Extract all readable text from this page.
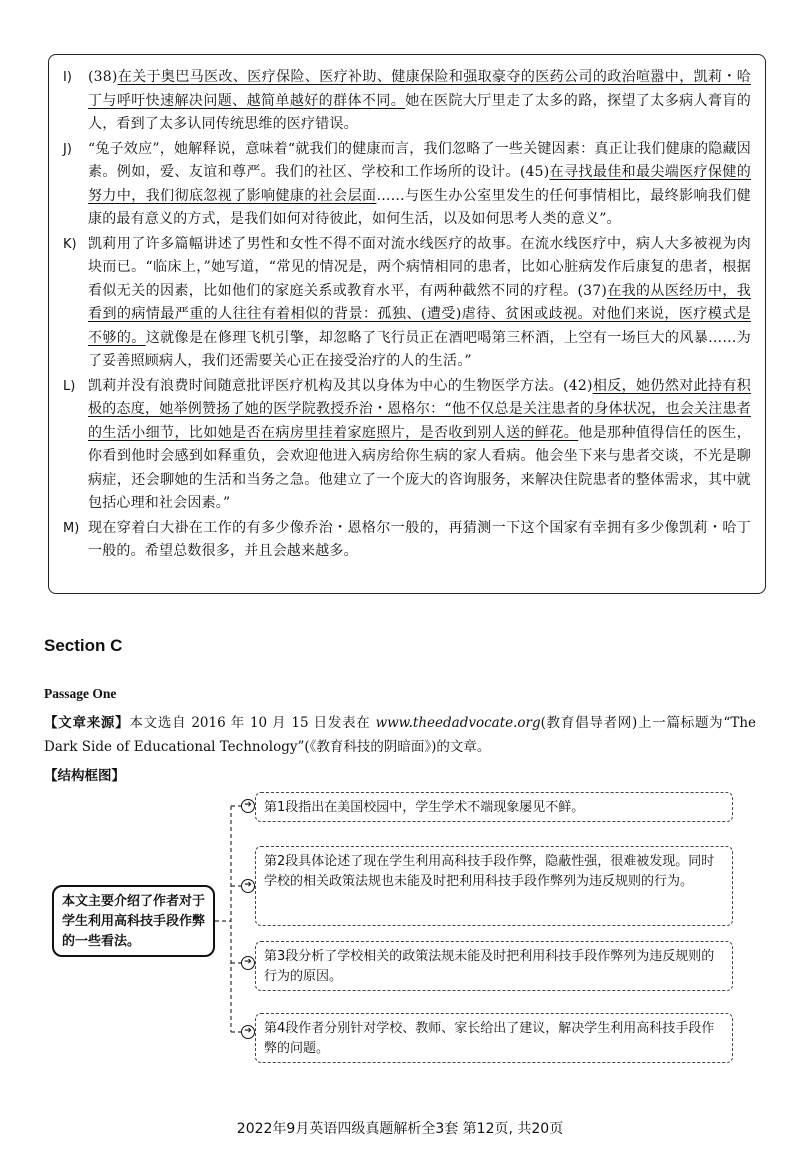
I)	(38)在关于奥巴马医改、医疗保险、医疗补助、健康保险和强取豪夺的医药公司的政治喧嚣中，凯莉・哈丁与呼吁快速解决问题、越简单越好的群体不同。她在医院大厅里走了太多的路，探望了太多病人膏肓的人，看到了太多认同传统思维的医疗错误。
J)	“兔子效应”，她解释说，意味着“就我们的健康而言，我们忽略了一些关键因素：真正让我们健康的隐藏因素。例如，爱、友谊和尊严。我们的社区、学校和工作场所的设计。(45)在寻找最佳和最尖端医疗保健的努力中，我们彻底忽视了影响健康的社会层面……与医生办公室里发生的任何事情相比，最终影响我们健康的最有意义的方式，是我们如何对待彼此，如何生活，以及如何思考人类的意义”。
K) 凯莉用了许多篇幅讲述了男性和女性不得不面对流水线医疗的故事。在流水线医疗中，病人大多被视为肉块而已。“临床上，”她写道，“常见的情况是，两个病情相同的患者，比如心脏病发作后康复的患者，根据看似无关的因素，比如他们的家庭关系或教育水平，有两种截然不同的疗程。(37)在我的从医经历中，我看到的病情最严重的人往往有着相似的背景：孤独、(遭受)虐待、贫困或歧视。对他们来说，医疗模式是不够的。这就像是在修理飞机引擎，却忽略了飞行员正在酒吧喝第三杯酒，上空有一场巨大的风暴……为了妥善照顾病人，我们还需要关心正在接受治疗的人的生活。”
L) 凯莉并没有浪费时间随意批评医疗机构及其以身体为中心的生物医学方法。(42)相反，她仍然对此持有积极的态度，她举例赞扬了她的医学院教授乔治・恩格尔：“他不仅总是关注患者的身体状况，也会关注患者的生活小细节，比如她是否在病房里挂着家庭照片，是否收到别人送的鲜花。他是那种值得信任的医生，你看到他时会感到如释重负，会欢迎他进入病房给你生病的家人看病。他会坐下来与患者交谈，不光是聊病症，还会聊她的生活和当务之急。他建立了一个庞大的咨询服务，来解决住院患者的整体需求，其中就包括心理和社会因素。”
M) 现在穿着白大褂在工作的有多少像乔治・恩格尔一般的，再猜测一下这个国家有幸拥有多少像凯莉・哈丁一般的。希望总数很多，并且会越来越多。
Section C
Passage One
【文章来源】本文选自 2016 年 10 月 15 日发表在 www.theedadvocate.org(教育倡导者网)上一篇标题为“The Dark Side of Educational Technology”(《教育科技的阴暗面》)的文章。
【结构框图】
本文主要介绍了作者对于学生利用高科技手段作弊的一些看法。
➔
➔
➔
➔
第1段指出在美国校园中，学生学术不端现象屡见不鲜。
第2段具体论述了现在学生利用高科技手段作弊，隐蔽性强，很难被发现。同时学校的相关政策法规也未能及时把利用科技手段作弊列为违反规则的行为。
第3段分析了学校相关的政策法规未能及时把利用科技手段作弊列为违反规则的行为的原因。
第4段作者分别针对学校、教师、家长给出了建议，解决学生利用高科技手段作弊的问题。
2022年9月英语四级真题解析全3套 第12页, 共20页
